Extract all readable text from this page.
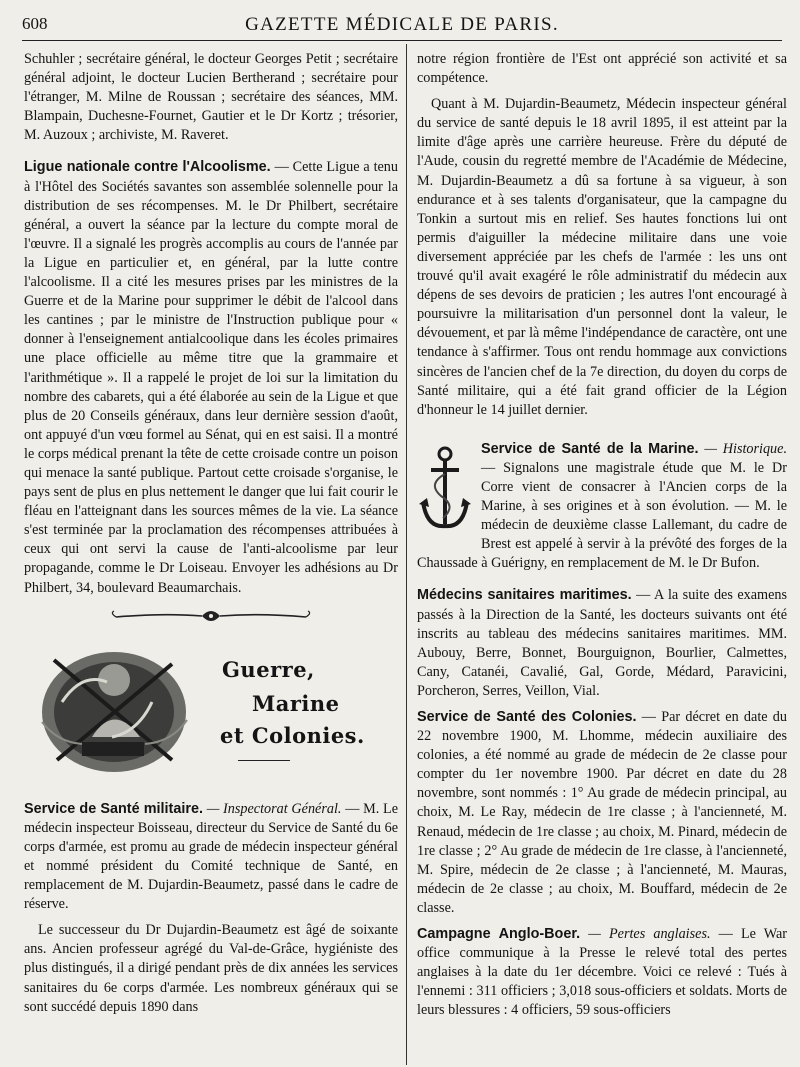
608	GAZETTE MÉDICALE DE PARIS.

Schuhler ; secrétaire général, le docteur Georges Petit ; secrétaire général adjoint, le docteur Lucien Bertherand ; secrétaire pour l'étranger, M. Milne de Roussan ; secrétaire des séances, MM. Blampain, Duchesne-Fournet, Gautier et le Dr Kortz ; trésorier, M. Auzoux ; archiviste, M. Raveret.

Ligue nationale contre l'Alcoolisme. — Cette Ligue a tenu à l'Hôtel des Sociétés savantes son assemblée solennelle pour la distribution de ses récompenses. M. le Dr Philbert, secrétaire général, a ouvert la séance par la lecture du compte moral de l'œuvre. Il a signalé les progrès accomplis au cours de l'année par la Ligue en particulier et, en général, par la lutte contre l'alcoolisme. Il a cité les mesures prises par les ministres de la Guerre et de la Marine pour supprimer le débit de l'alcool dans les cantines ; par le ministre de l'Instruction publique pour « donner à l'enseignement antialcoolique dans les écoles primaires une place officielle au même titre que la grammaire et l'arithmétique ». Il a rappelé le projet de loi sur la limitation du nombre des cabarets, qui a été élaborée au sein de la Ligue et que plus de 20 Conseils généraux, dans leur dernière session d'août, ont appuyé d'un vœu formel au Sénat, qui en est saisi. Il a montré le corps médical prenant la tête de cette croisade contre un poison qui menace la santé publique. Partout cette croisade s'organise, le pays sent de plus en plus nettement le danger que lui fait courir le fléau en l'atteignant dans les sources mêmes de la vie. La séance s'est terminée par la proclamation des récompenses attribuées à ceux qui ont servi la cause de l'anti-alcoolisme par leur propagande, comme le Dr Loiseau. Envoyer les adhésions au Dr Philbert, 34, boulevard Beaumarchais.

Guerre,
Marine
et Colonies.

Service de Santé militaire. — Inspectorat Général. — M. Le médecin inspecteur Boisseau, directeur du Service de Santé du 6e corps d'armée, est promu au grade de médecin inspecteur général et nommé président du Comité technique de Santé, en remplacement de M. Dujardin-Beaumetz, passé dans le cadre de réserve.

Le successeur du Dr Dujardin-Beaumetz est âgé de soixante ans. Ancien professeur agrégé du Val-de-Grâce, hygiéniste des plus distingués, il a dirigé pendant près de dix années les services sanitaires du 6e corps d'armée. Les nombreux généraux qui se sont succédé depuis 1890 dans

notre région frontière de l'Est ont apprécié son activité et sa compétence.

Quant à M. Dujardin-Beaumetz, Médecin inspecteur général du service de santé depuis le 18 avril 1895, il est atteint par la limite d'âge après une carrière heureuse. Frère du député de l'Aude, cousin du regretté membre de l'Académie de Médecine, M. Dujardin-Beaumetz a dû sa fortune à sa vigueur, à son endurance et à ses talents d'organisateur, que la campagne du Tonkin a surtout mis en relief. Ses hautes fonctions lui ont permis d'aiguiller la médecine militaire dans une voie diversement appréciée par les chefs de l'armée : les uns ont trouvé qu'il avait exagéré le rôle administratif du médecin aux dépens de ses devoirs de praticien ; les autres l'ont encouragé à poursuivre la militarisation d'un personnel dont la valeur, le dévouement, et par là même l'indépendance de caractère, ont une tendance à s'affirmer. Tous ont rendu hommage aux convictions sincères de l'ancien chef de la 7e direction, du doyen du corps de Santé militaire, qui a été fait grand officier de la Légion d'honneur le 14 juillet dernier.

Service de Santé de la Marine. — Historique. — Signalons une magistrale étude que M. le Dr Corre vient de consacrer à l'Ancien corps de la Marine, à ses origines et à son évolution. — M. le médecin de deuxième classe Lallemant, du cadre de Brest est appelé à servir à la prévôté des forges de la Chaussade à Guérigny, en remplacement de M. le Dr Bufon.

Médecins sanitaires maritimes. — A la suite des examens passés à la Direction de la Santé, les docteurs suivants ont été inscrits au tableau des médecins sanitaires maritimes. MM. Aubouy, Berre, Bonnet, Bourguignon, Bourlier, Calmettes, Cany, Catanéi, Cavalié, Gal, Gorde, Médard, Paravicini, Porcheron, Serres, Veillon, Vial.

Service de Santé des Colonies. — Par décret en date du 22 novembre 1900, M. Lhomme, médecin auxiliaire des colonies, a été nommé au grade de médecin de 2e classe pour compter du 1er novembre 1900. Par décret en date du 28 novembre, sont nommés : 1° Au grade de médecin principal, au choix, M. Le Ray, médecin de 1re classe ; à l'ancienneté, M. Renaud, médecin de 1re classe ; au choix, M. Pinard, médecin de 1re classe ; 2° Au grade de médecin de 1re classe, à l'ancienneté, M. Spire, médecin de 2e classe ; à l'ancienneté, M. Mauras, médecin de 2e classe ; au choix, M. Bouffard, médecin de 2e classe.

Campagne Anglo-Boer. — Pertes anglaises. — Le War office communique à la Presse le relevé total des pertes anglaises à la date du 1er décembre. Voici ce relevé : Tués à l'ennemi : 311 officiers ; 3,018 sous-officiers et soldats. Morts de leurs blessures : 4 officiers, 59 sous-officiers
